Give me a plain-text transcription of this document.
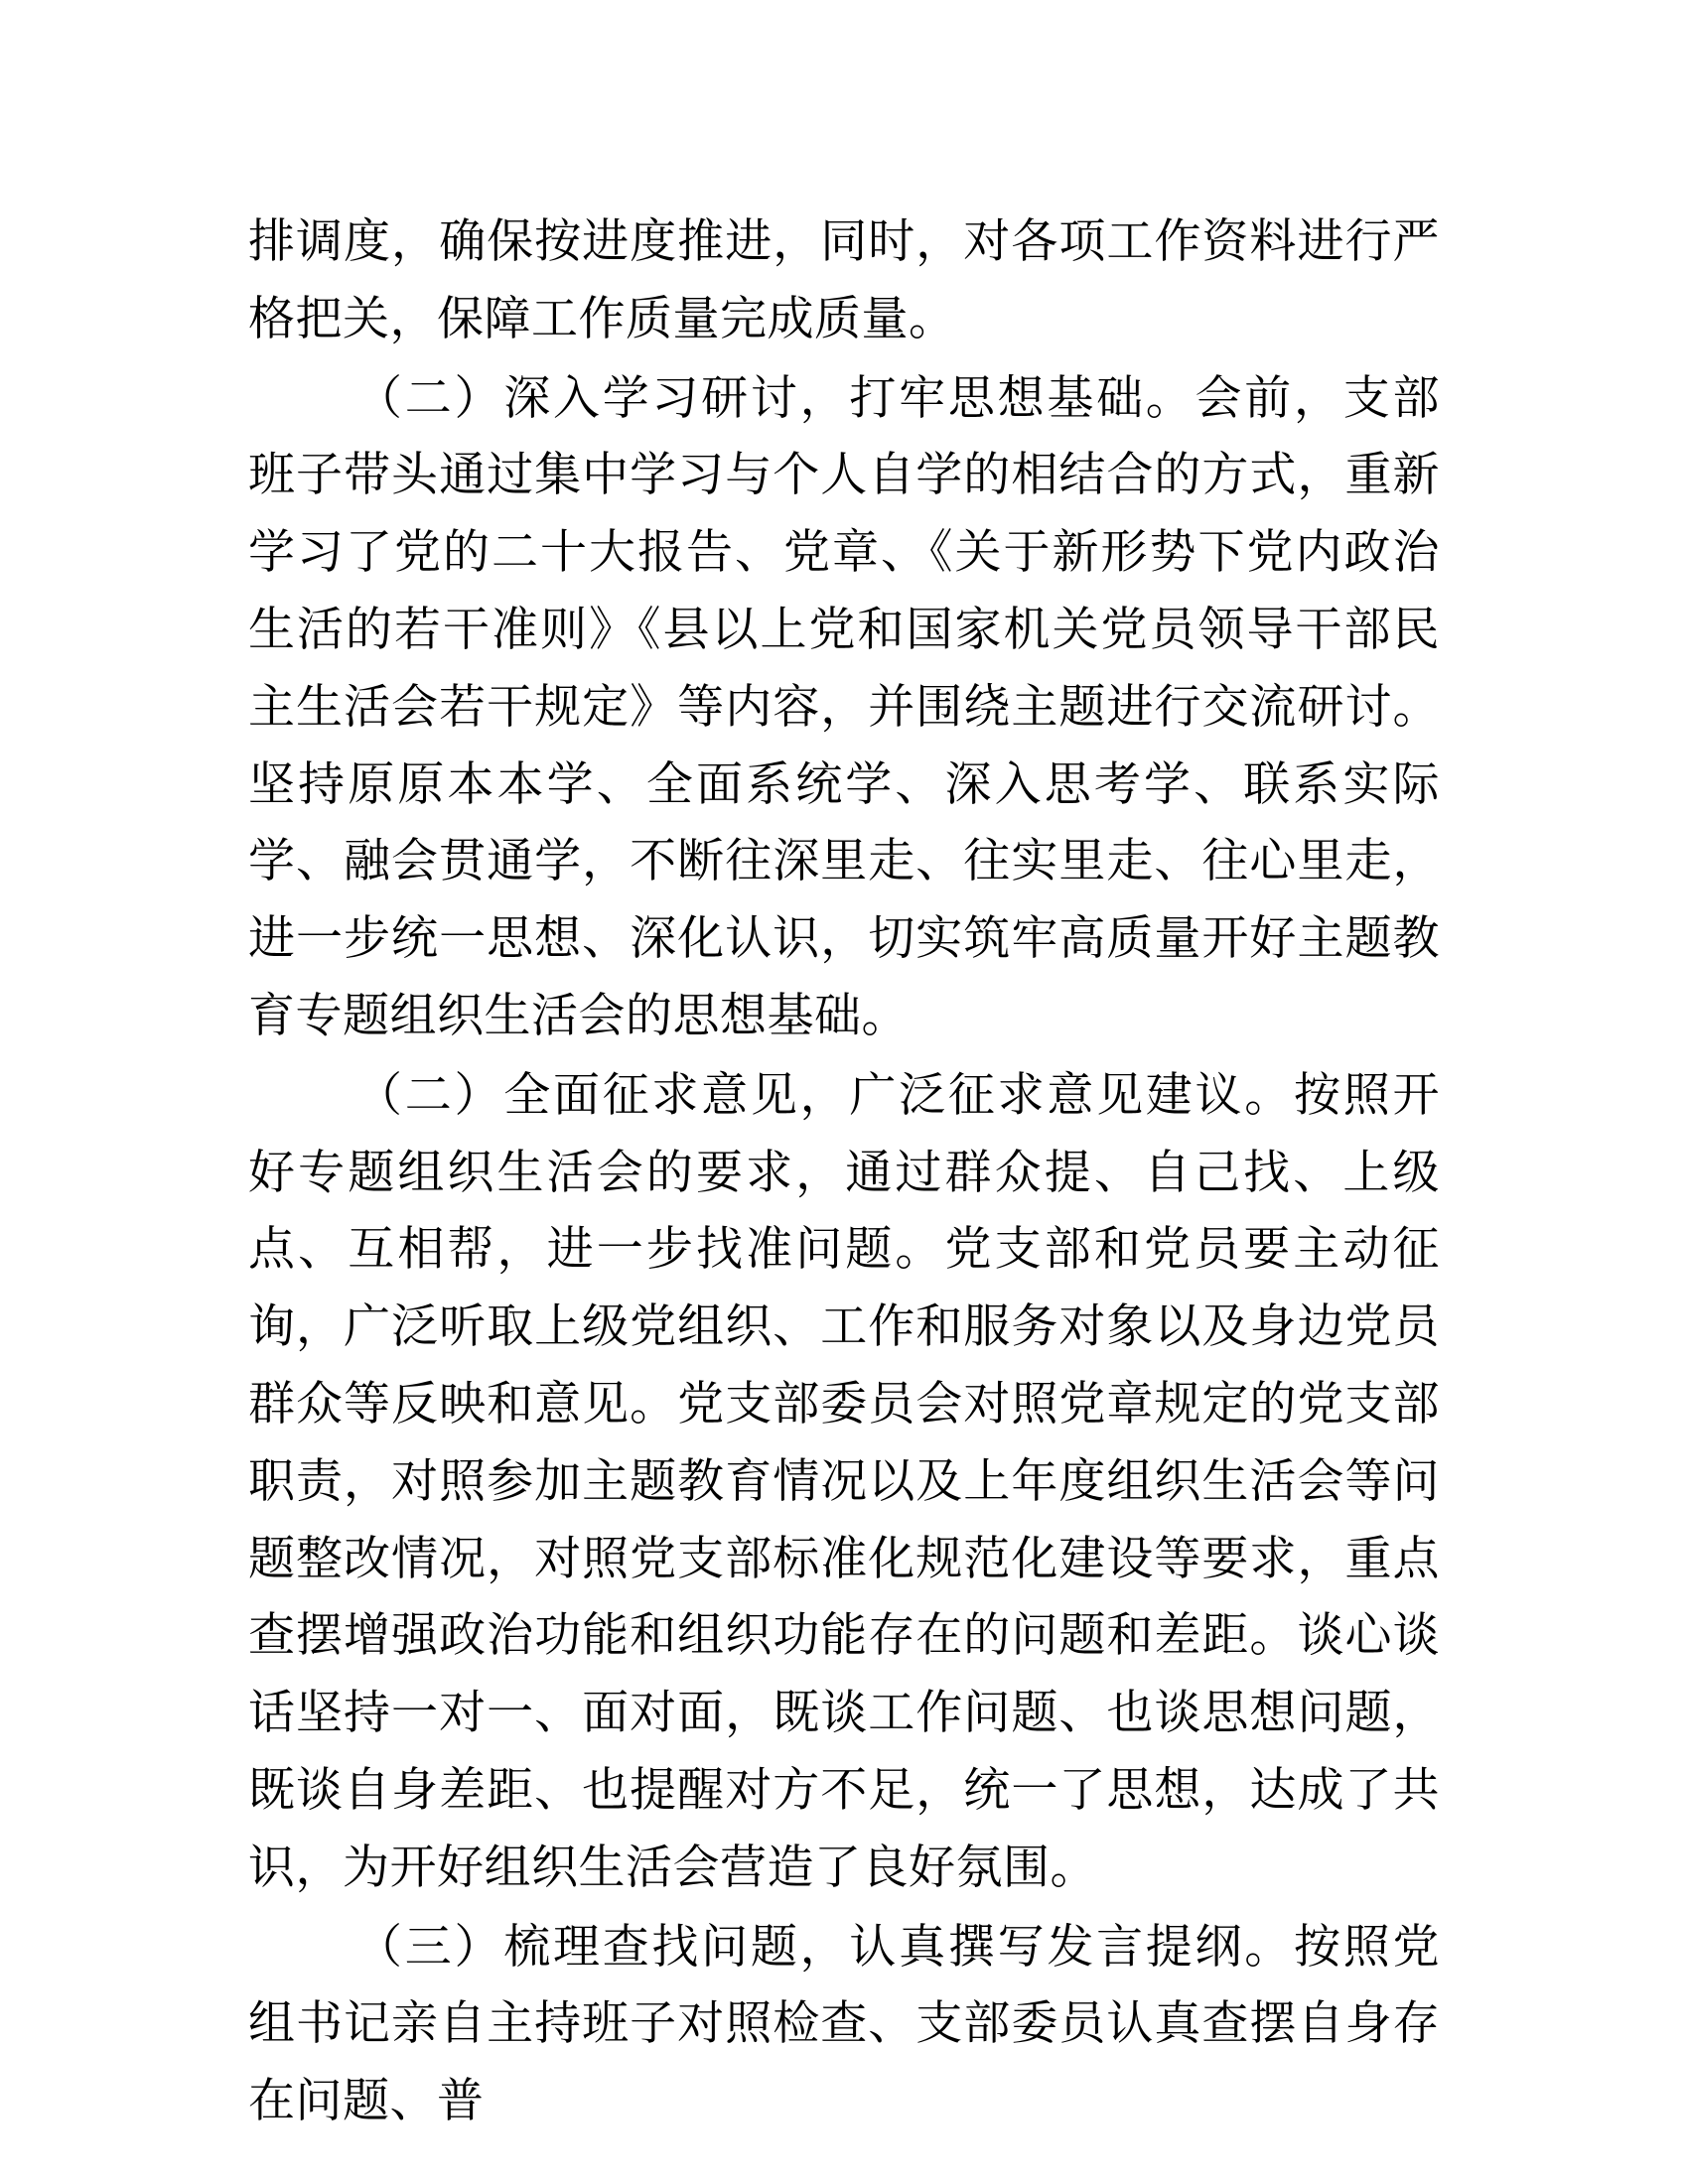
排调度，确保按进度推进，同时，对各项工作资料进行严格把关，保障工作质量完成质量。

（二）深入学习研讨，打牢思想基础。会前，支部班子带头通过集中学习与个人自学的相结合的方式，重新学习了党的二十大报告、党章、《关于新形势下党内政治生活的若干准则》《县以上党和国家机关党员领导干部民主生活会若干规定》等内容，并围绕主题进行交流研讨。坚持原原本本学、全面系统学、深入思考学、联系实际学、融会贯通学，不断往深里走、往实里走、往心里走，进一步统一思想、深化认识，切实筑牢高质量开好主题教育专题组织生活会的思想基础。

（二）全面征求意见，广泛征求意见建议。按照开好专题组织生活会的要求，通过群众提、自己找、上级点、互相帮，进一步找准问题。党支部和党员要主动征询，广泛听取上级党组织、工作和服务对象以及身边党员群众等反映和意见。党支部委员会对照党章规定的党支部职责，对照参加主题教育情况以及上年度组织生活会等问题整改情况，对照党支部标准化规范化建设等要求，重点查摆增强政治功能和组织功能存在的问题和差距。谈心谈话坚持一对一、面对面，既谈工作问题、也谈思想问题，既谈自身差距、也提醒对方不足，统一了思想，达成了共识，为开好组织生活会营造了良好氛围。

（三）梳理查找问题，认真撰写发言提纲。按照党组书记亲自主持班子对照检查、支部委员认真查摆自身存在问题、普
